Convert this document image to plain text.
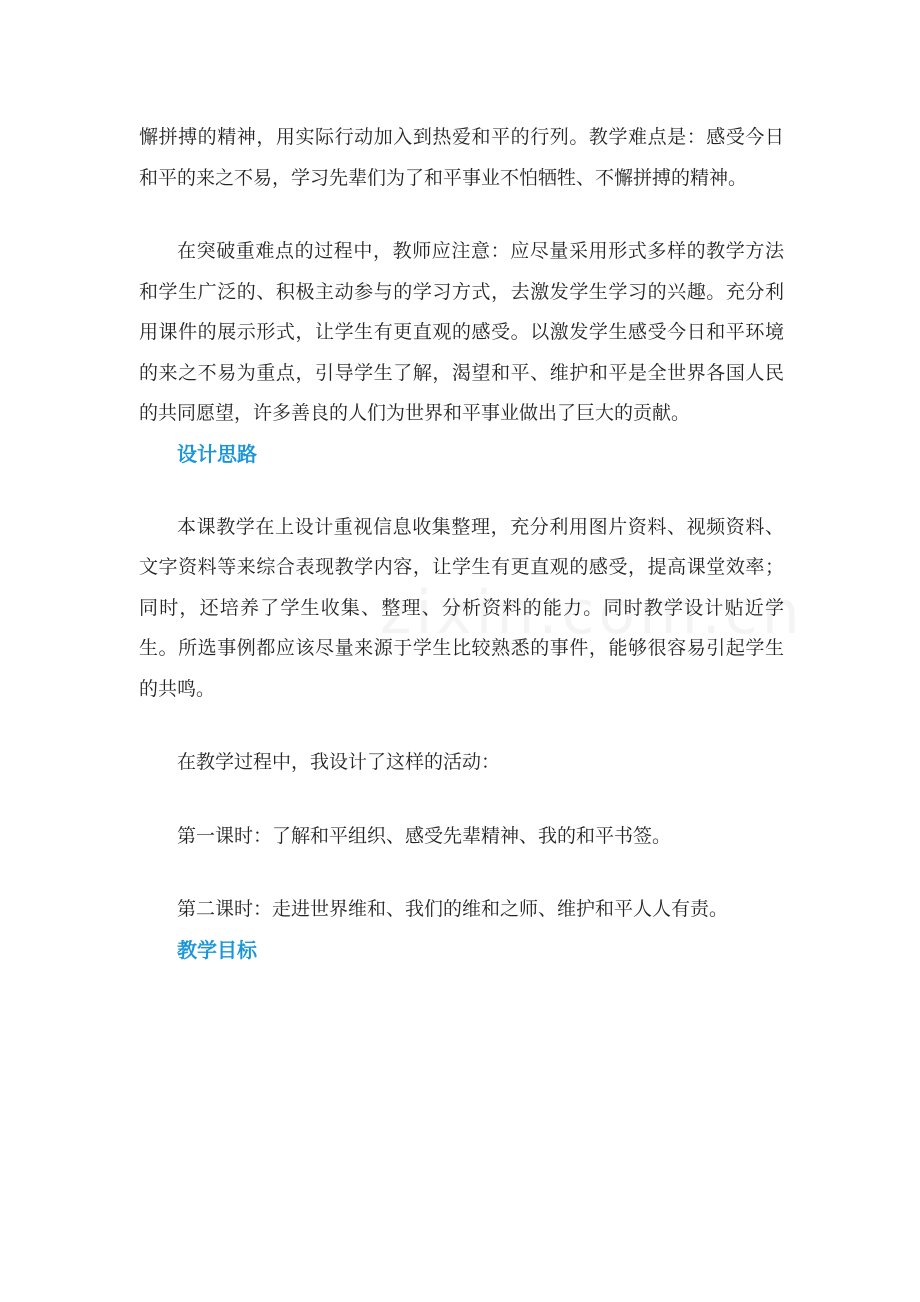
懈拼搏的精神，用实际行动加入到热爱和平的行列。教学难点是：感受今日和平的来之不易，学习先辈们为了和平事业不怕牺牲、不懈拼搏的精神。

在突破重难点的过程中，教师应注意：应尽量采用形式多样的教学方法和学生广泛的、积极主动参与的学习方式，去激发学生学习的兴趣。充分利用课件的展示形式，让学生有更直观的感受。以激发学生感受今日和平环境的来之不易为重点，引导学生了解，渴望和平、维护和平是全世界各国人民的共同愿望，许多善良的人们为世界和平事业做出了巨大的贡献。

设计思路

本课教学在上设计重视信息收集整理，充分利用图片资料、视频资料、文字资料等来综合表现教学内容，让学生有更直观的感受，提高课堂效率；同时，还培养了学生收集、整理、分析资料的能力。同时教学设计贴近学生。所选事例都应该尽量来源于学生比较熟悉的事件，能够很容易引起学生的共鸣。

在教学过程中，我设计了这样的活动：

第一课时：了解和平组织、感受先辈精神、我的和平书签。

第二课时：走进世界维和、我们的维和之师、维护和平人人有责。

教学目标
